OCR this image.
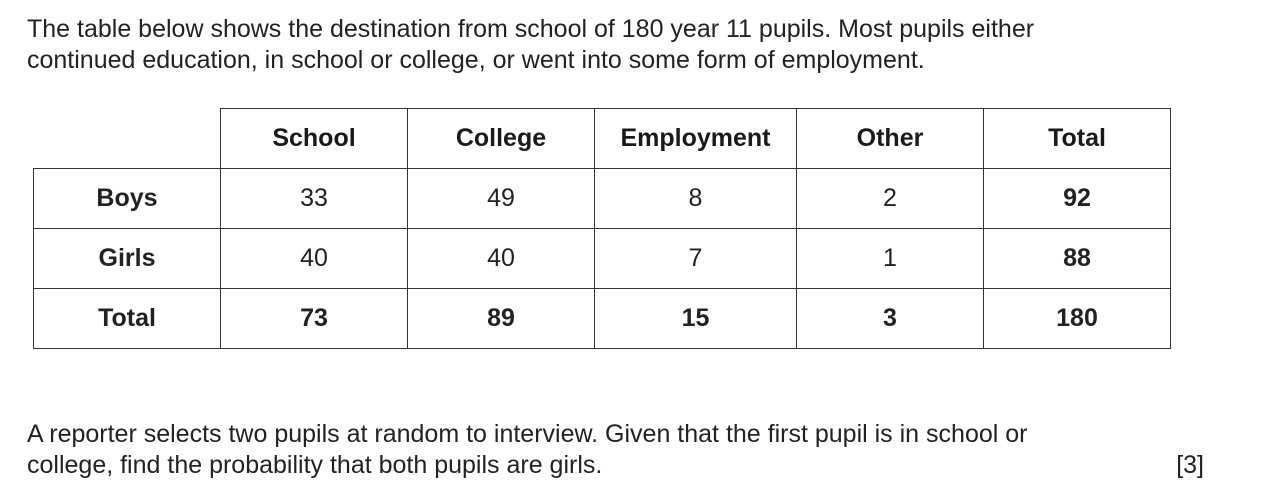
The table below shows the destination from school of 180 year 11 pupils. Most pupils either
continued education, in school or college, or went into some form of employment.

	School	College	Employment	Other	Total
Boys	33	49	8	2	92
Girls	40	40	7	1	88
Total	73	89	15	3	180

A reporter selects two pupils at random to interview. Given that the first pupil is in school or
college, find the probability that both pupils are girls.	[3]
